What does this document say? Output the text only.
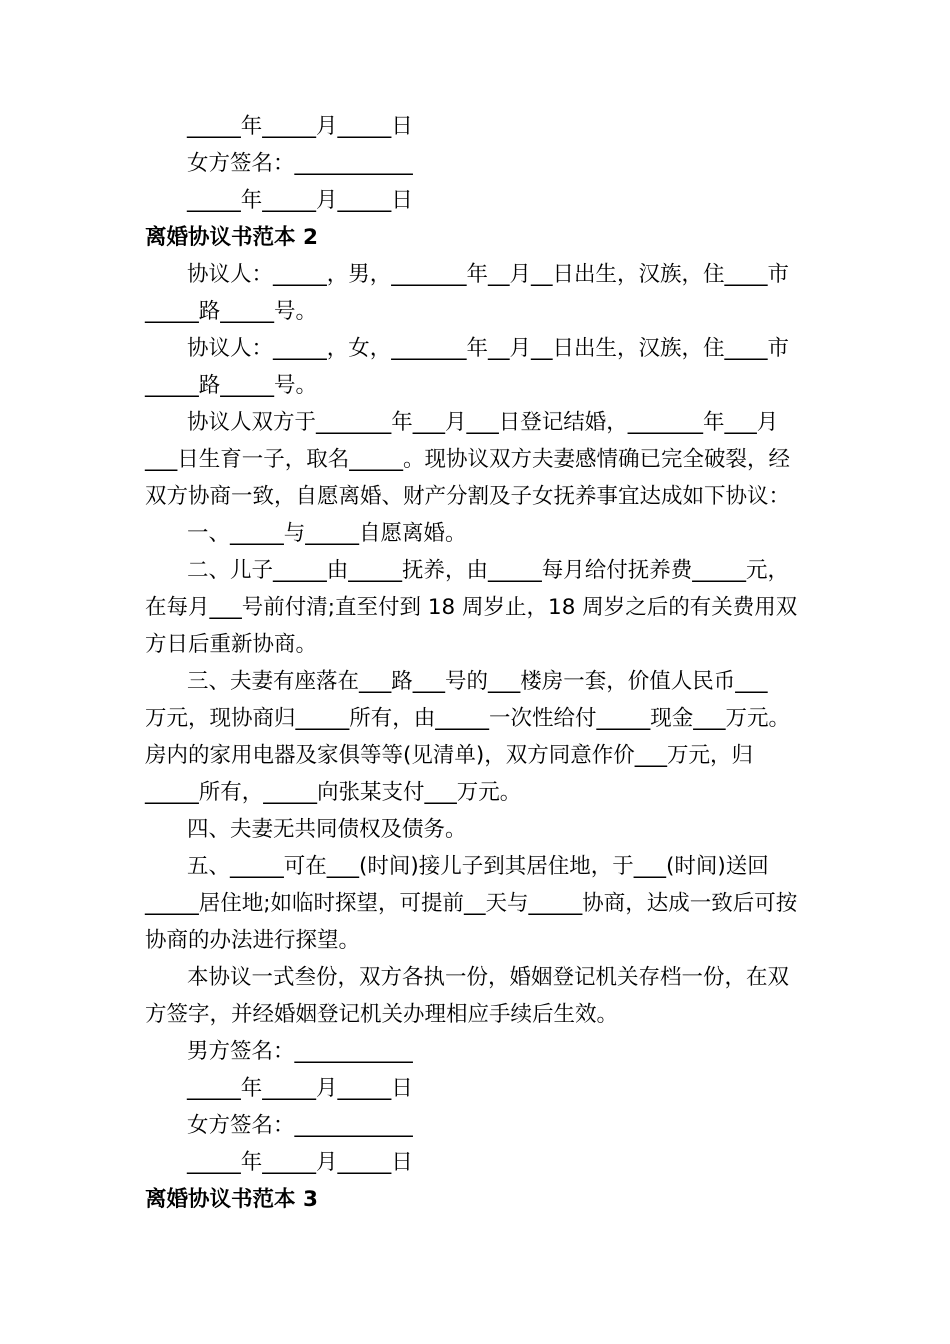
_____年_____月_____日
女方签名：___________
_____年_____月_____日
离婚协议书范本 2
协议人：_____，男，_______年__月__日出生，汉族，住____市
_____路_____号。
协议人：_____，女，_______年__月__日出生，汉族，住____市
_____路_____号。
协议人双方于_______年___月___日登记结婚，_______年___月
___日生育一子，取名_____。现协议双方夫妻感情确已完全破裂，经
双方协商一致，自愿离婚、财产分割及子女抚养事宜达成如下协议：
一、_____与_____自愿离婚。
二、儿子_____由_____抚养，由_____每月给付抚养费_____元，
在每月___号前付清;直至付到 18 周岁止，18 周岁之后的有关费用双
方日后重新协商。
三、夫妻有座落在___路___号的___楼房一套，价值人民币___
万元，现协商归_____所有，由_____一次性给付_____现金___万元。
房内的家用电器及家俱等等(见清单)，双方同意作价___万元，归
_____所有，_____向张某支付___万元。
四、夫妻无共同债权及债务。
五、_____可在___(时间)接儿子到其居住地，于___(时间)送回
_____居住地;如临时探望，可提前__天与_____协商，达成一致后可按
协商的办法进行探望。
本协议一式叁份，双方各执一份，婚姻登记机关存档一份，在双
方签字，并经婚姻登记机关办理相应手续后生效。
男方签名：___________
_____年_____月_____日
女方签名：___________
_____年_____月_____日
离婚协议书范本 3
